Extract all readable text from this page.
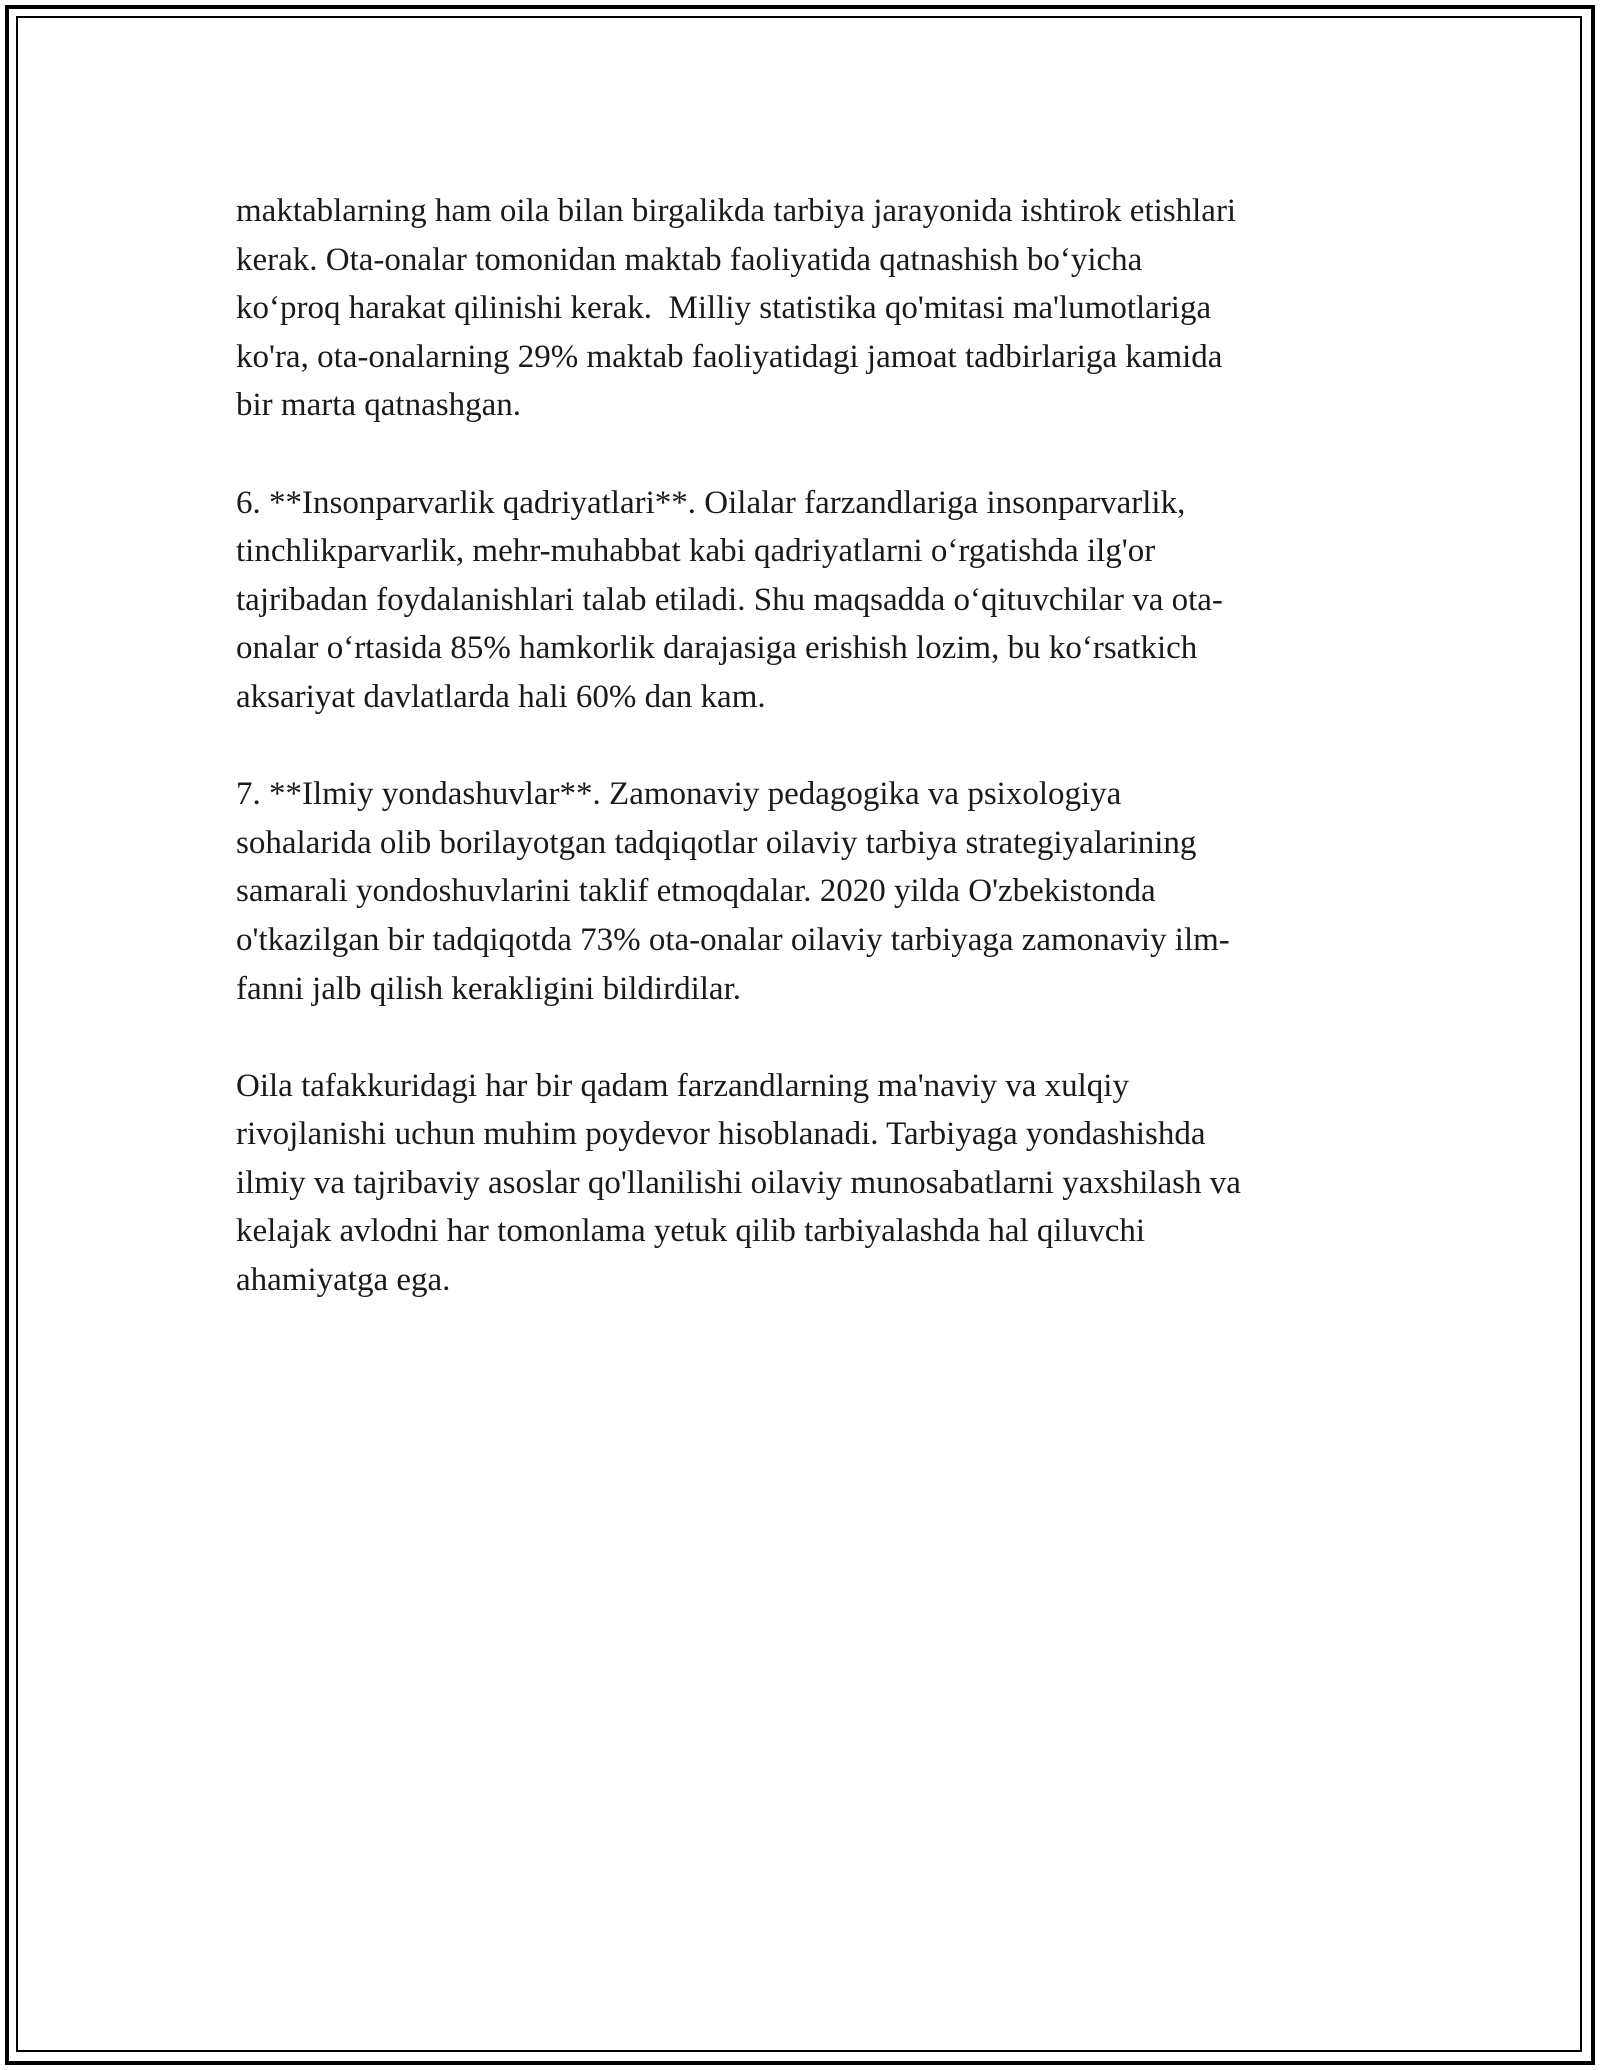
maktablarning ham oila bilan birgalikda tarbiya jarayonida ishtirok etishlari
kerak. Ota-onalar tomonidan maktab faoliyatida qatnashish bo‘yicha
ko‘proq harakat qilinishi kerak.  Milliy statistika qo'mitasi ma'lumotlariga
ko'ra, ota-onalarning 29% maktab faoliyatidagi jamoat tadbirlariga kamida
bir marta qatnashgan.

6. **Insonparvarlik qadriyatlari**. Oilalar farzandlariga insonparvarlik,
tinchlikparvarlik, mehr-muhabbat kabi qadriyatlarni o‘rgatishda ilg'or
tajribadan foydalanishlari talab etiladi. Shu maqsadda o‘qituvchilar va ota-
onalar o‘rtasida 85% hamkorlik darajasiga erishish lozim, bu ko‘rsatkich
aksariyat davlatlarda hali 60% dan kam.

7. **Ilmiy yondashuvlar**. Zamonaviy pedagogika va psixologiya
sohalarida olib borilayotgan tadqiqotlar oilaviy tarbiya strategiyalarining
samarali yondoshuvlarini taklif etmoqdalar. 2020 yilda O'zbekistonda
o'tkazilgan bir tadqiqotda 73% ota-onalar oilaviy tarbiyaga zamonaviy ilm-
fanni jalb qilish kerakligini bildirdilar.

Oila tafakkuridagi har bir qadam farzandlarning ma'naviy va xulqiy
rivojlanishi uchun muhim poydevor hisoblanadi. Tarbiyaga yondashishda
ilmiy va tajribaviy asoslar qo'llanilishi oilaviy munosabatlarni yaxshilash va
kelajak avlodni har tomonlama yetuk qilib tarbiyalashda hal qiluvchi
ahamiyatga ega.
